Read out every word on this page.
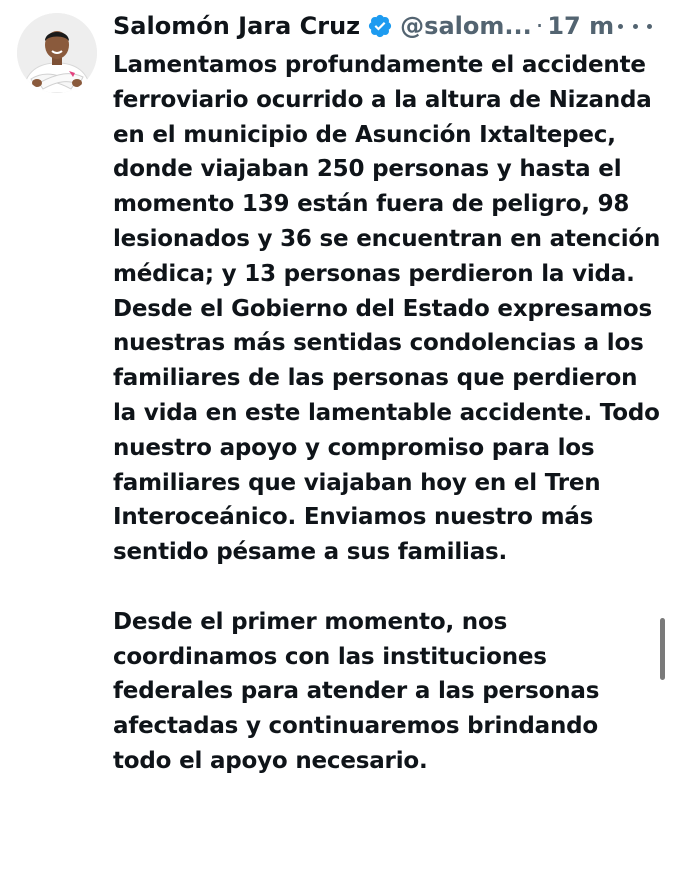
Salomón Jara Cruz @salom... · 17 m

Lamentamos profundamente el accidente ferroviario ocurrido a la altura de Nizanda en el municipio de Asunción Ixtaltepec, donde viajaban 250 personas y hasta el momento 139 están fuera de peligro, 98 lesionados y 36 se encuentran en atención médica; y 13 personas perdieron la vida. Desde el Gobierno del Estado expresamos nuestras más sentidas condolencias a los familiares de las personas que perdieron la vida en este lamentable accidente. Todo nuestro apoyo y compromiso para los familiares que viajaban hoy en el Tren Interoceánico. Enviamos nuestro más sentido pésame a sus familias.

Desde el primer momento, nos coordinamos con las instituciones federales para atender a las personas afectadas y continuaremos brindando todo el apoyo necesario.
